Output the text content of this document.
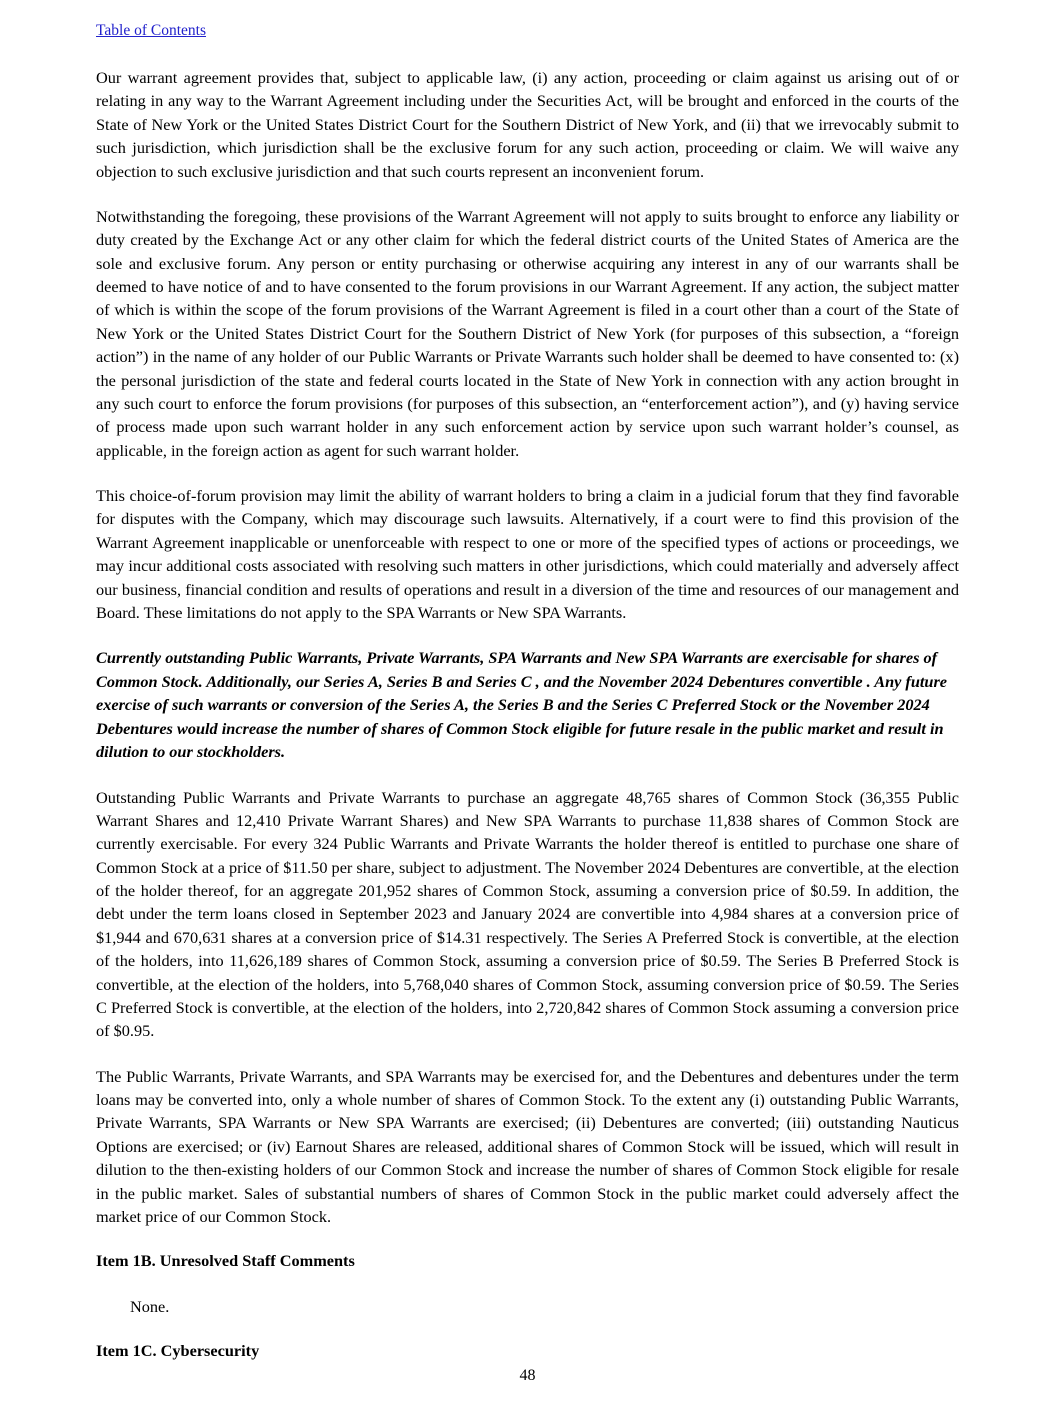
Table of Contents

Our warrant agreement provides that, subject to applicable law, (i) any action, proceeding or claim against us arising out of or relating in any way to the Warrant Agreement including under the Securities Act, will be brought and enforced in the courts of the State of New York or the United States District Court for the Southern District of New York, and (ii) that we irrevocably submit to such jurisdiction, which jurisdiction shall be the exclusive forum for any such action, proceeding or claim. We will waive any objection to such exclusive jurisdiction and that such courts represent an inconvenient forum.

Notwithstanding the foregoing, these provisions of the Warrant Agreement will not apply to suits brought to enforce any liability or duty created by the Exchange Act or any other claim for which the federal district courts of the United States of America are the sole and exclusive forum. Any person or entity purchasing or otherwise acquiring any interest in any of our warrants shall be deemed to have notice of and to have consented to the forum provisions in our Warrant Agreement. If any action, the subject matter of which is within the scope of the forum provisions of the Warrant Agreement is filed in a court other than a court of the State of New York or the United States District Court for the Southern District of New York (for purposes of this subsection, a “foreign action”) in the name of any holder of our Public Warrants or Private Warrants such holder shall be deemed to have consented to: (x) the personal jurisdiction of the state and federal courts located in the State of New York in connection with any action brought in any such court to enforce the forum provisions (for purposes of this subsection, an “enter​forcement action”), and (y) having service of process made upon such warrant holder in any such enforcement action by service upon such warrant holder’s counsel, as applicable, in the foreign action as agent for such warrant holder.

This choice-of-forum provision may limit the ability of warrant holders to bring a claim in a judicial forum that they find favorable for disputes with the Company, which may discourage such lawsuits. Alternatively, if a court were to find this provision of the Warrant Agreement inapplicable or unenforceable with respect to one or more of the specified types of actions or proceedings, we may incur additional costs associated with resolving such matters in other jurisdictions, which could materially and adversely affect our business, financial condition and results of operations and result in a diversion of the time and resources of our management and Board. These limitations do not apply to the SPA Warrants or New SPA Warrants.

Currently outstanding Public Warrants, Private Warrants, SPA Warrants and New SPA Warrants are exercisable for shares of Common Stock. Additionally, our Series A, Series B and Series C , and the November 2024 Debentures convertible . Any future exercise of such warrants or conversion of the Series A, the Series B and the Series C Preferred Stock or the November 2024 Debentures would increase the number of shares of Common Stock eligible for future resale in the public market and result in dilution to our stockholders.

Outstanding Public Warrants and Private Warrants to purchase an aggregate 48,765 shares of Common Stock (36,355 Public Warrant Shares and 12,410 Private Warrant Shares) and New SPA Warrants to purchase 11,838 shares of Common Stock are currently exercisable. For every 324 Public Warrants and Private Warrants the holder thereof is entitled to purchase one share of Common Stock at a price of $11.50 per share, subject to adjustment. The November 2024 Debentures are convertible, at the election of the holder thereof, for an aggregate 201,952 shares of Common Stock, assuming a conversion price of $0.59. In addition, the debt under the term loans closed in September 2023 and January 2024 are convertible into 4,984 shares at a conversion price of $1,944 and 670,631 shares at a conversion price of $14.31 respectively. The Series A Preferred Stock is convertible, at the election of the holders, into 11,626,189 shares of Common Stock, assuming a conversion price of $0.59. The Series B Preferred Stock is convertible, at the election of the holders, into 5,768,040 shares of Common Stock, assuming conversion price of $0.59. The Series C Preferred Stock is convertible, at the election of the holders, into 2,720,842 shares of Common Stock assuming a conversion price of $0.95.

The Public Warrants, Private Warrants, and SPA Warrants may be exercised for, and the Debentures and debentures under the term loans may be converted into, only a whole number of shares of Common Stock. To the extent any (i) outstanding Public Warrants, Private Warrants, SPA Warrants or New SPA Warrants are exercised; (ii) Debentures are converted; (iii) outstanding Nauticus Options are exercised; or (iv) Earnout Shares are released, additional shares of Common Stock will be issued, which will result in dilution to the then-existing holders of our Common Stock and increase the number of shares of Common Stock eligible for resale in the public market. Sales of substantial numbers of shares of Common Stock in the public market could adversely affect the market price of our Common Stock.

Item 1B. Unresolved Staff Comments

None.

Item 1C. Cybersecurity
48
